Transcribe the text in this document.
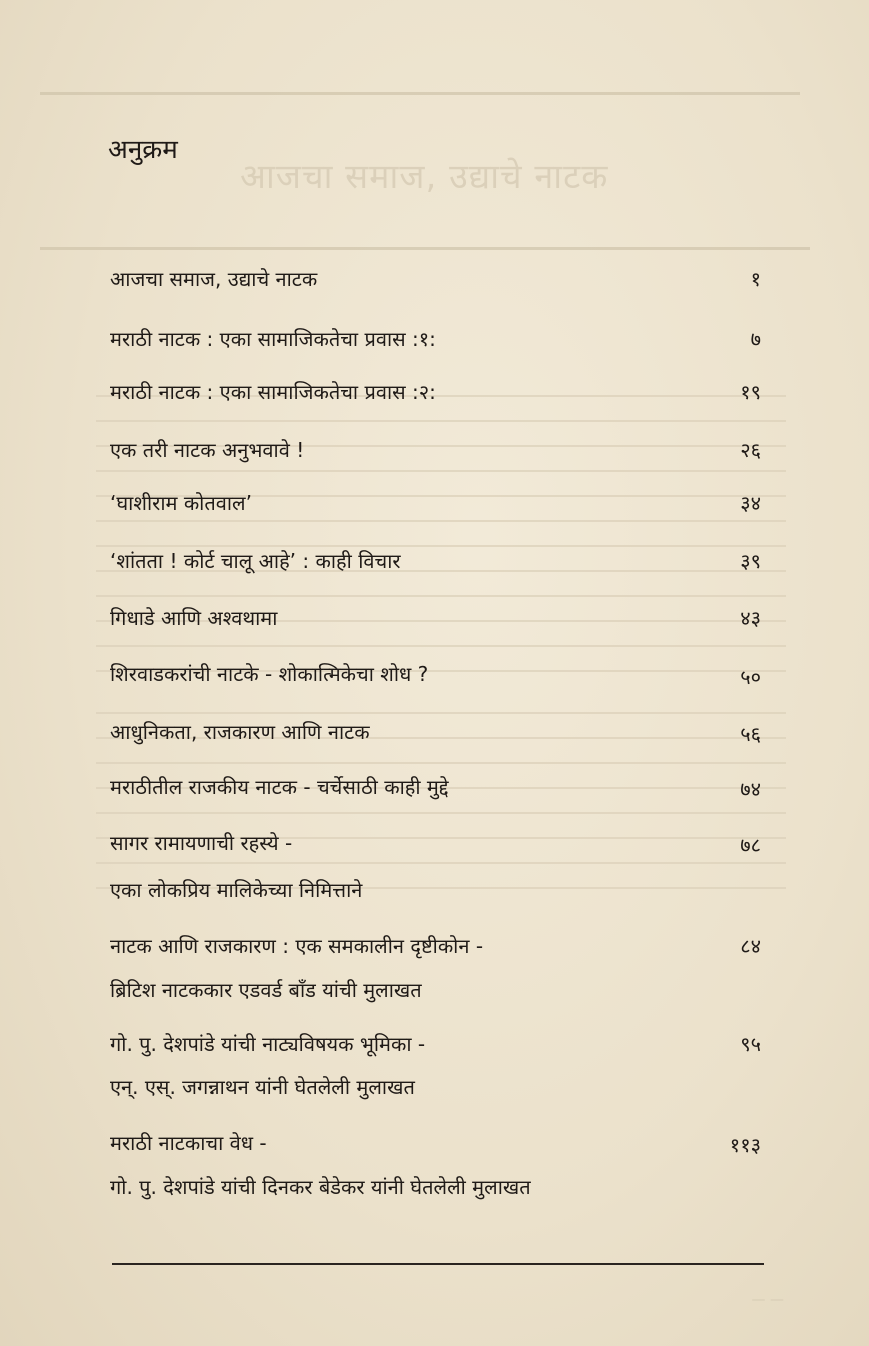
आजचा समाज, उद्याचे नाटक
अनुक्रम
आजचा समाज, उद्याचे नाटक	१
मराठी नाटक : एका सामाजिकतेचा प्रवास :१:	७
मराठी नाटक : एका सामाजिकतेचा प्रवास :२:	१९
एक तरी नाटक अनुभवावे !	२६
‘घाशीराम कोतवाल’	३४
‘शांतता ! कोर्ट चालू आहे’ : काही विचार	३९
गिधाडे आणि अश्वथामा	४३
शिरवाडकरांची नाटके - शोकात्मिकेचा शोध ?	५०
आधुनिकता, राजकारण आणि नाटक	५६
मराठीतील राजकीय नाटक - चर्चेसाठी काही मुद्दे	७४
सागर रामायणाची रहस्ये -	७८
एका लोकप्रिय मालिकेच्या निमित्ताने
नाटक आणि राजकारण : एक समकालीन दृष्टीकोन -	८४
ब्रिटिश नाटककार एडवर्ड बाँड यांची मुलाखत
गो. पु. देशपांडे यांची नाट्यविषयक भूमिका -	९५
एन्. एस्. जगन्नाथन यांनी घेतलेली मुलाखत
मराठी नाटकाचा वेध -	११३
गो. पु. देशपांडे यांची दिनकर बेडेकर यांनी घेतलेली मुलाखत
— —
